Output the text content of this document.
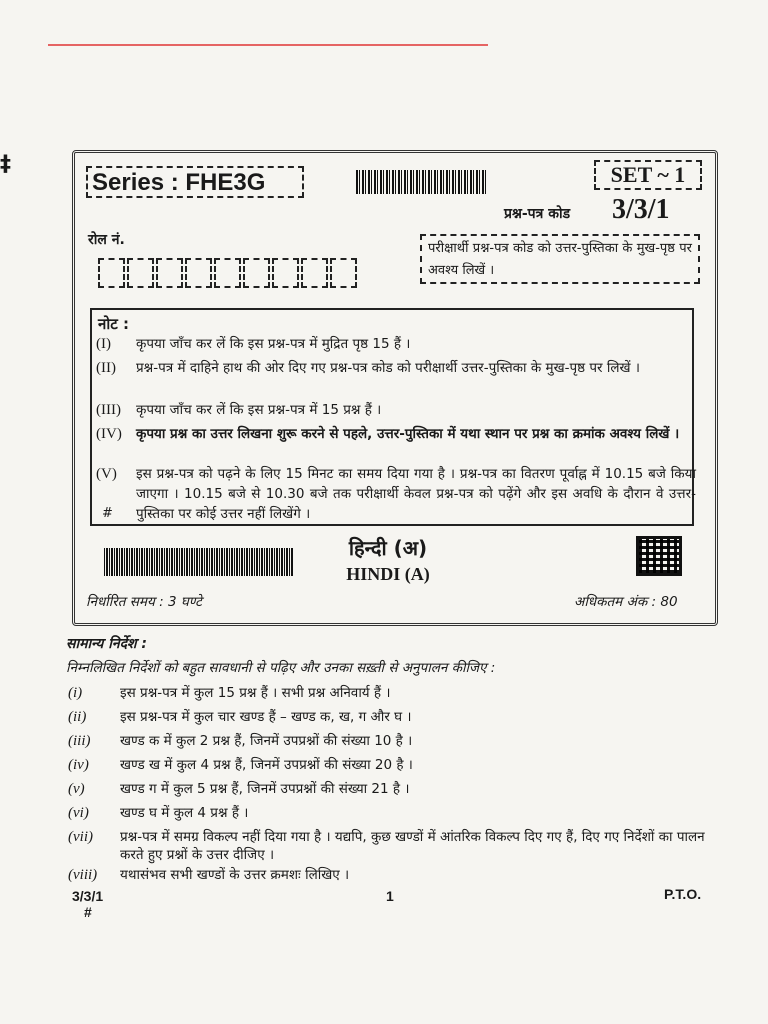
‡
Series : FHE3G	SET ~ 1
प्रश्न-पत्र कोड 3/3/1
रोल नं.
परीक्षार्थी प्रश्न-पत्र कोड को उत्तर-पुस्तिका के मुख-पृष्ठ पर अवश्य लिखें ।
नोट :
(I) कृपया जाँच कर लें कि इस प्रश्न-पत्र में मुद्रित पृष्ठ 15 हैं ।
(II) प्रश्न-पत्र में दाहिने हाथ की ओर दिए गए प्रश्न-पत्र कोड को परीक्षार्थी उत्तर-पुस्तिका के मुख-पृष्ठ पर लिखें ।
(III) कृपया जाँच कर लें कि इस प्रश्न-पत्र में 15 प्रश्न हैं ।
(IV) कृपया प्रश्न का उत्तर लिखना शुरू करने से पहले, उत्तर-पुस्तिका में यथा स्थान पर प्रश्न का क्रमांक अवश्य लिखें ।
(V) इस प्रश्न-पत्र को पढ़ने के लिए 15 मिनट का समय दिया गया है । प्रश्न-पत्र का वितरण पूर्वाह्न में 10.15 बजे किया जाएगा । 10.15 बजे से 10.30 बजे तक परीक्षार्थी केवल प्रश्न-पत्र को पढ़ेंगे और इस अवधि के दौरान वे उत्तर-पुस्तिका पर कोई उत्तर नहीं लिखेंगे ।
#
हिन्दी (अ)
HINDI (A)
निर्धारित समय : 3 घण्टे	अधिकतम अंक : 80
सामान्य निर्देश :
निम्नलिखित निर्देशों को बहुत सावधानी से पढ़िए और उनका सख़्ती से अनुपालन कीजिए :
(i)	इस प्रश्न-पत्र में कुल 15 प्रश्न हैं । सभी प्रश्न अनिवार्य हैं ।
(ii) इस प्रश्न-पत्र में कुल चार खण्ड हैं – खण्ड क, ख, ग और घ ।
(iii) खण्ड क में कुल 2 प्रश्न हैं, जिनमें उपप्रश्नों की संख्या 10 है ।
(iv) खण्ड ख में कुल 4 प्रश्न हैं, जिनमें उपप्रश्नों की संख्या 20 है ।
(v)	खण्ड ग में कुल 5 प्रश्न हैं, जिनमें उपप्रश्नों की संख्या 21 है ।
(vi) खण्ड घ में कुल 4 प्रश्न हैं ।
(vii) प्रश्न-पत्र में समग्र विकल्प नहीं दिया गया है । यद्यपि, कुछ खण्डों में आंतरिक विकल्प दिए गए हैं, दिए गए निर्देशों का पालन करते हुए प्रश्नों के उत्तर दीजिए ।
(viii) यथासंभव सभी खण्डों के उत्तर क्रमशः लिखिए ।
3/3/1
#
1	P.T.O.
